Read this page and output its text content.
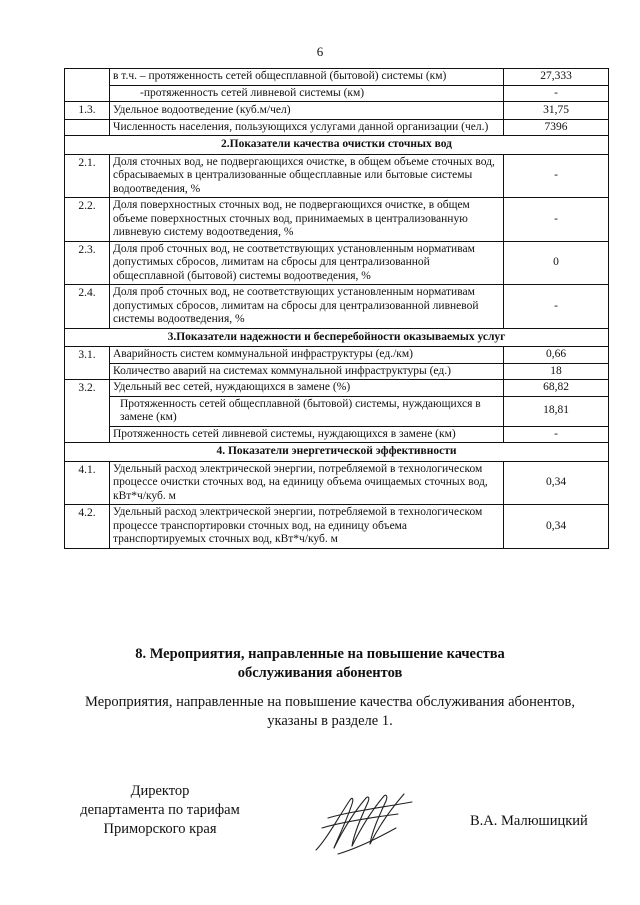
6
	в т.ч. – протяженность сетей общесплавной (бытовой) системы (км)	27,333
	-протяженность сетей ливневой системы (км)	-
1.3.	Удельное водоотведение (куб.м/чел)	31,75
	Численность населения, пользующихся услугами данной организации (чел.)	7396
2.Показатели качества очистки сточных вод		
2.1.	Доля сточных вод, не подвергающихся очистке, в общем объеме сточных вод, сбрасываемых в централизованные общесплавные или бытовые системы водоотведения, %	-
2.2.	Доля поверхностных сточных вод, не подвергающихся очистке, в общем объеме поверхностных сточных вод, принимаемых в централизованную ливневую систему водоотведения, %	-
2.3.	Доля проб сточных вод, не соответствующих установленным нормативам допустимых сбросов, лимитам на сбросы для централизованной общесплавной (бытовой) системы водоотведения, %	0
2.4.	Доля проб сточных вод, не соответствующих установленным нормативам допустимых сбросов, лимитам на сбросы для централизованной ливневой системы водоотведения, %	-
3.Показатели надежности и бесперебойности оказываемых услуг		
3.1.	Аварийность систем коммунальной инфраструктуры (ед./км)	0,66
	Количество аварий на системах коммунальной инфраструктуры (ед.)	18
3.2.	Удельный вес сетей, нуждающихся в замене (%)	68,82
	Протяженность сетей общесплавной (бытовой) системы, нуждающихся в замене (км)	18,81
	Протяженность сетей ливневой системы, нуждающихся в замене (км)	-
4. Показатели энергетической эффективности		
4.1.	Удельный расход электрической энергии, потребляемой в технологическом процессе очистки сточных вод, на единицу объема очищаемых сточных вод, кВт*ч/куб. м	0,34
4.2.	Удельный расход электрической энергии, потребляемой в технологическом процессе транспортировки сточных вод, на единицу объема транспортируемых сточных вод, кВт*ч/куб. м	0,34
8. Мероприятия, направленные на повышение качества
обслуживания абонентов
Мероприятия, направленные на повышение качества обслуживания абонентов, указаны в разделе 1.
Директор
департамента по тарифам
Приморского края	В.А. Малюшицкий
